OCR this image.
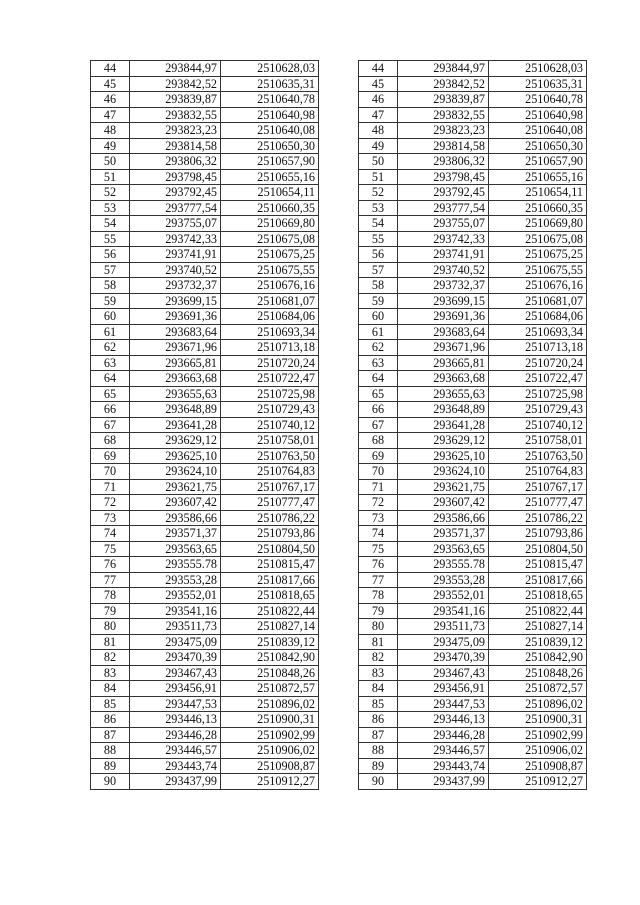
44	293844,97	2510628,03
45	293842,52	2510635,31
46	293839,87	2510640,78
47	293832,55	2510640,98
48	293823,23	2510640,08
49	293814,58	2510650,30
50	293806,32	2510657,90
51	293798,45	2510655,16
52	293792,45	2510654,11
53	293777,54	2510660,35
54	293755,07	2510669,80
55	293742,33	2510675,08
56	293741,91	2510675,25
57	293740,52	2510675,55
58	293732,37	2510676,16
59	293699,15	2510681,07
60	293691,36	2510684,06
61	293683,64	2510693,34
62	293671,96	2510713,18
63	293665,81	2510720,24
64	293663,68	2510722,47
65	293655,63	2510725,98
66	293648,89	2510729,43
67	293641,28	2510740,12
68	293629,12	2510758,01
69	293625,10	2510763,50
70	293624,10	2510764,83
71	293621,75	2510767,17
72	293607,42	2510777,47
73	293586,66	2510786,22
74	293571,37	2510793,86
75	293563,65	2510804,50
76	293555.78	2510815,47
77	293553,28	2510817,66
78	293552,01	2510818,65
79	293541,16	2510822,44
80	293511,73	2510827,14
81	293475,09	2510839,12
82	293470,39	2510842,90
83	293467,43	2510848,26
84	293456,91	2510872,57
85	293447,53	2510896,02
86	293446,13	2510900,31
87	293446,28	2510902,99
88	293446,57	2510906,02
89	293443,74	2510908,87
90	293437,99	2510912,27
44	293844,97	2510628,03
45	293842,52	2510635,31
46	293839,87	2510640,78
47	293832,55	2510640,98
48	293823,23	2510640,08
49	293814,58	2510650,30
50	293806,32	2510657,90
51	293798,45	2510655,16
52	293792,45	2510654,11
53	293777,54	2510660,35
54	293755,07	2510669,80
55	293742,33	2510675,08
56	293741,91	2510675,25
57	293740,52	2510675,55
58	293732,37	2510676,16
59	293699,15	2510681,07
60	293691,36	2510684,06
61	293683,64	2510693,34
62	293671,96	2510713,18
63	293665,81	2510720,24
64	293663,68	2510722,47
65	293655,63	2510725,98
66	293648,89	2510729,43
67	293641,28	2510740,12
68	293629,12	2510758,01
69	293625,10	2510763,50
70	293624,10	2510764,83
71	293621,75	2510767,17
72	293607,42	2510777,47
73	293586,66	2510786,22
74	293571,37	2510793,86
75	293563,65	2510804,50
76	293555.78	2510815,47
77	293553,28	2510817,66
78	293552,01	2510818,65
79	293541,16	2510822,44
80	293511,73	2510827,14
81	293475,09	2510839,12
82	293470,39	2510842,90
83	293467,43	2510848,26
84	293456,91	2510872,57
85	293447,53	2510896,02
86	293446,13	2510900,31
87	293446,28	2510902,99
88	293446,57	2510906,02
89	293443,74	2510908,87
90	293437,99	2510912,27
